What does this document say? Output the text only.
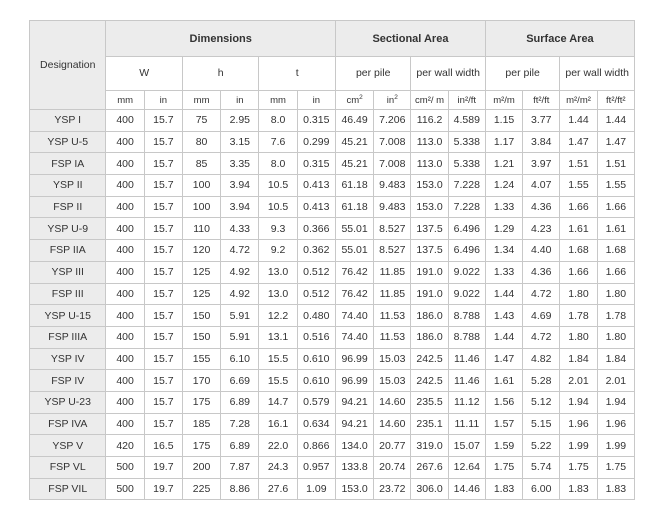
Designation	Dimensions						Sectional Area				Surface Area			
	W		h		t		per pile		per wall width		per pile		per wall width	
	mm	in	mm	in	mm	in	$cm^2$	$in^2$	cm²/ m	in²/ft	m²/m	ft²/ft	m²/m²	ft²/ft²
YSP I	400	15.7	75	2.95	8.0	0.315	46.49	7.206	116.2	4.589	1.15	3.77	1.44	1.44
YSP U-5	400	15.7	80	3.15	7.6	0.299	45.21	7.008	113.0	5.338	1.17	3.84	1.47	1.47
FSP IA	400	15.7	85	3.35	8.0	0.315	45.21	7.008	113.0	5.338	1.21	3.97	1.51	1.51
YSP II	400	15.7	100	3.94	10.5	0.413	61.18	9.483	153.0	7.228	1.24	4.07	1.55	1.55
FSP II	400	15.7	100	3.94	10.5	0.413	61.18	9.483	153.0	7.228	1.33	4.36	1.66	1.66
YSP U-9	400	15.7	110	4.33	9.3	0.366	55.01	8.527	137.5	6.496	1.29	4.23	1.61	1.61
FSP IIA	400	15.7	120	4.72	9.2	0.362	55.01	8.527	137.5	6.496	1.34	4.40	1.68	1.68
YSP III	400	15.7	125	4.92	13.0	0.512	76.42	11.85	191.0	9.022	1.33	4.36	1.66	1.66
FSP III	400	15.7	125	4.92	13.0	0.512	76.42	11.85	191.0	9.022	1.44	4.72	1.80	1.80
YSP U-15	400	15.7	150	5.91	12.2	0.480	74.40	11.53	186.0	8.788	1.43	4.69	1.78	1.78
FSP IIIA	400	15.7	150	5.91	13.1	0.516	74.40	11.53	186.0	8.788	1.44	4.72	1.80	1.80
YSP IV	400	15.7	155	6.10	15.5	0.610	96.99	15.03	242.5	11.46	1.47	4.82	1.84	1.84
FSP IV	400	15.7	170	6.69	15.5	0.610	96.99	15.03	242.5	11.46	1.61	5.28	2.01	2.01
YSP U-23	400	15.7	175	6.89	14.7	0.579	94.21	14.60	235.5	11.12	1.56	5.12	1.94	1.94
FSP IVA	400	15.7	185	7.28	16.1	0.634	94.21	14.60	235.1	11.11	1.57	5.15	1.96	1.96
YSP V	420	16.5	175	6.89	22.0	0.866	134.0	20.77	319.0	15.07	1.59	5.22	1.99	1.99
FSP VL	500	19.7	200	7.87	24.3	0.957	133.8	20.74	267.6	12.64	1.75	5.74	1.75	1.75
FSP VIL	500	19.7	225	8.86	27.6	1.09	153.0	23.72	306.0	14.46	1.83	6.00	1.83	1.83
